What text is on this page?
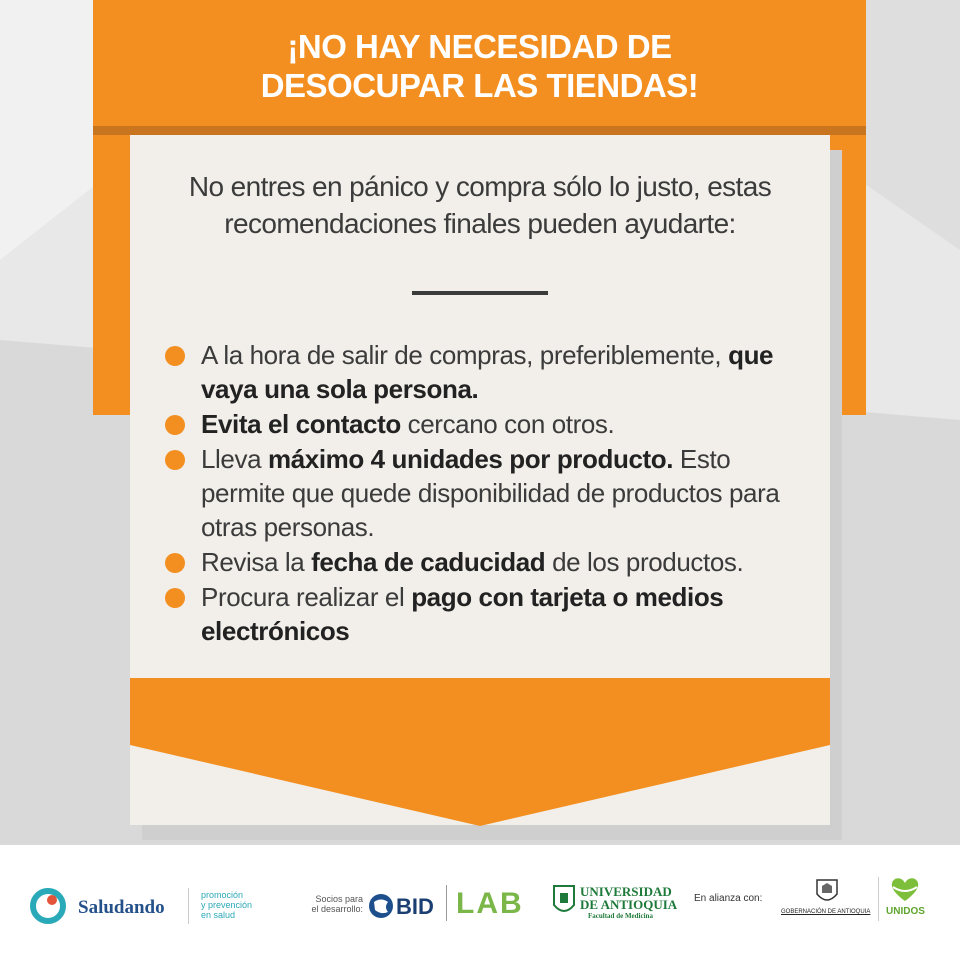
¡NO HAY NECESIDAD DE
DESOCUPAR LAS TIENDAS!
No entres en pánico y compra sólo lo justo, estas
recomendaciones finales pueden ayudarte:
A la hora de salir de compras, preferiblemente, que vaya una sola persona.
Evita el contacto cercano con otros.
Lleva máximo 4 unidades por producto. Esto permite que quede disponibilidad de productos para otras personas.
Revisa la fecha de caducidad de los productos.
Procura realizar el pago con tarjeta o medios electrónicos
Saludando
promoción
y prevención
en salud
Socios para
el desarrollo: BID LAB	UNIVERSIDAD
DE ANTIOQUIA
Facultad de Medicina
En alianza con:
GOBERNACIÓN DE ANTIOQUIA UNIDOS
